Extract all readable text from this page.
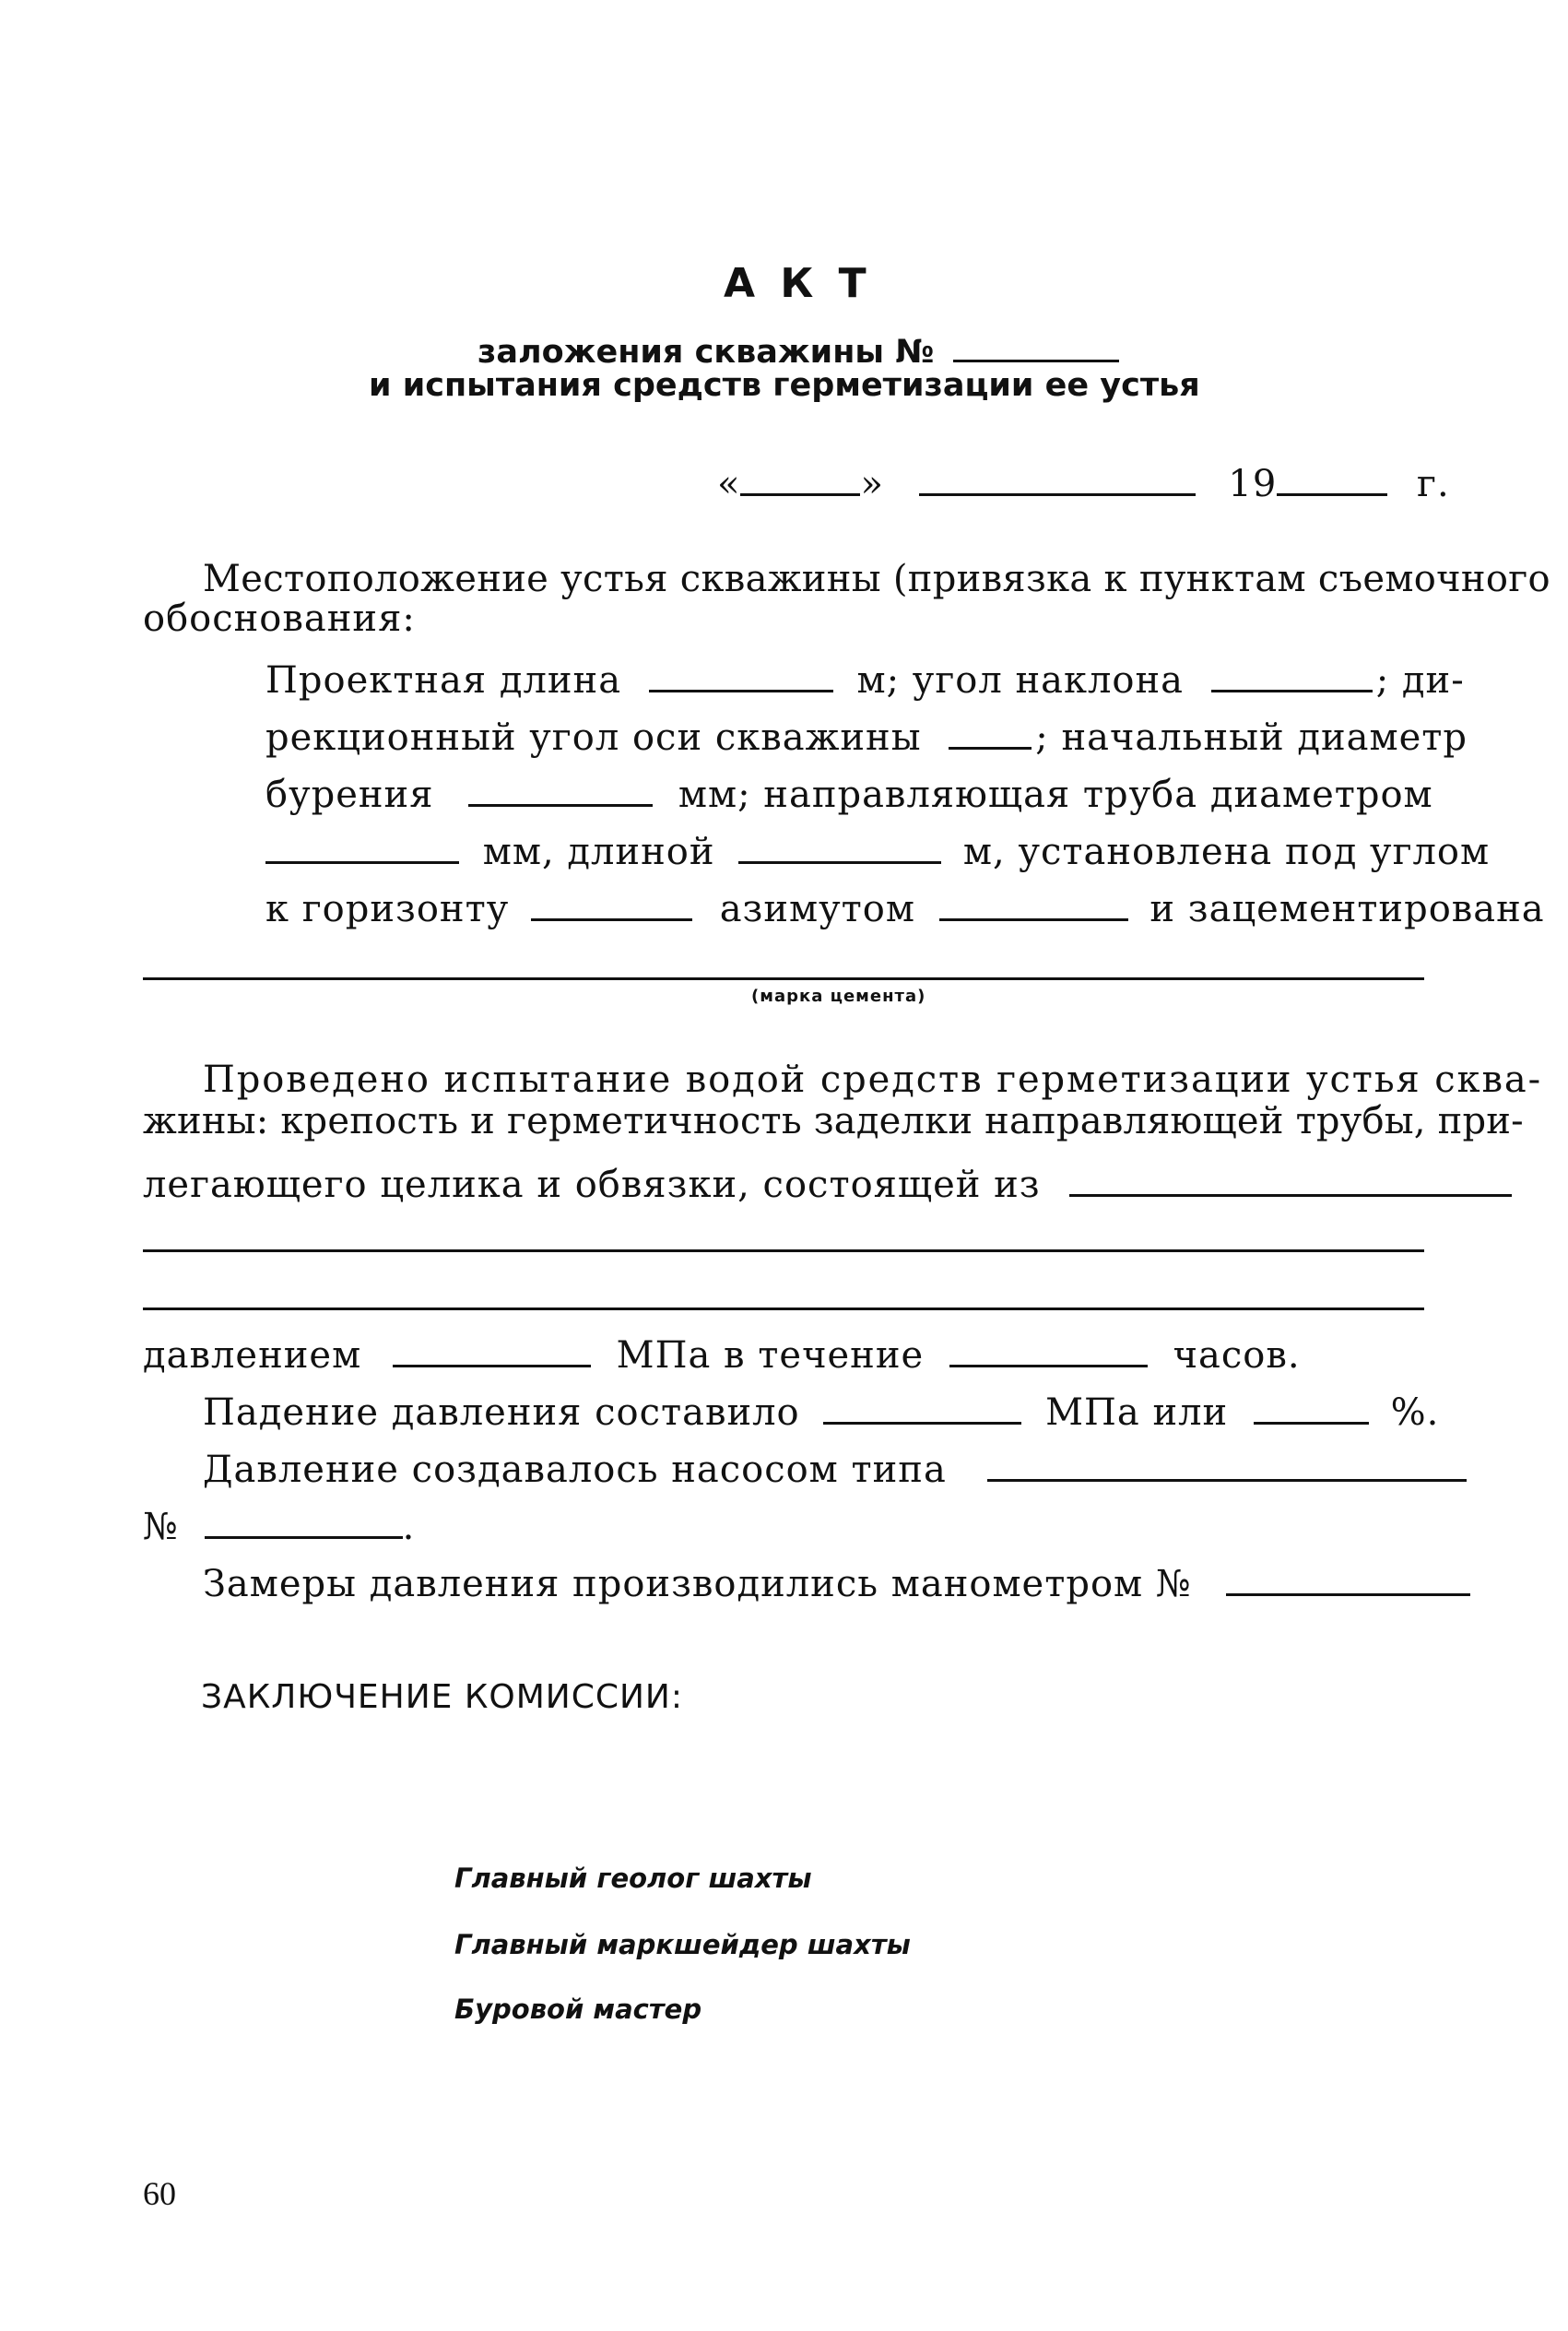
А К Т
заложения скважины №
и испытания средств герметизации ее устья
«	»	19	г.
Местоположение устья скважины (привязка к пунктам съемочного
обоснования:
Проектная длина	м; угол наклона	; ди-
рекционный угол оси скважины	; начальный диаметр
бурения	мм; направляющая труба диаметром
мм, длиной	м, установлена под углом
к горизонту	азимутом	и зацементирована
(марка цемента)
Проведено испытание водой средств герметизации устья сква-
жины: крепость и герметичность заделки направляющей трубы, при-
легающего целика и обвязки, состоящей из
давлением	МПа в течение	часов.
Падение давления составило	МПа или	%.
Давление создавалось насосом типа
№	.
Замеры давления производились манометром №
ЗАКЛЮЧЕНИЕ КОМИССИИ:
Главный геолог шахты
Главный маркшейдер шахты
Буровой мастер
60
